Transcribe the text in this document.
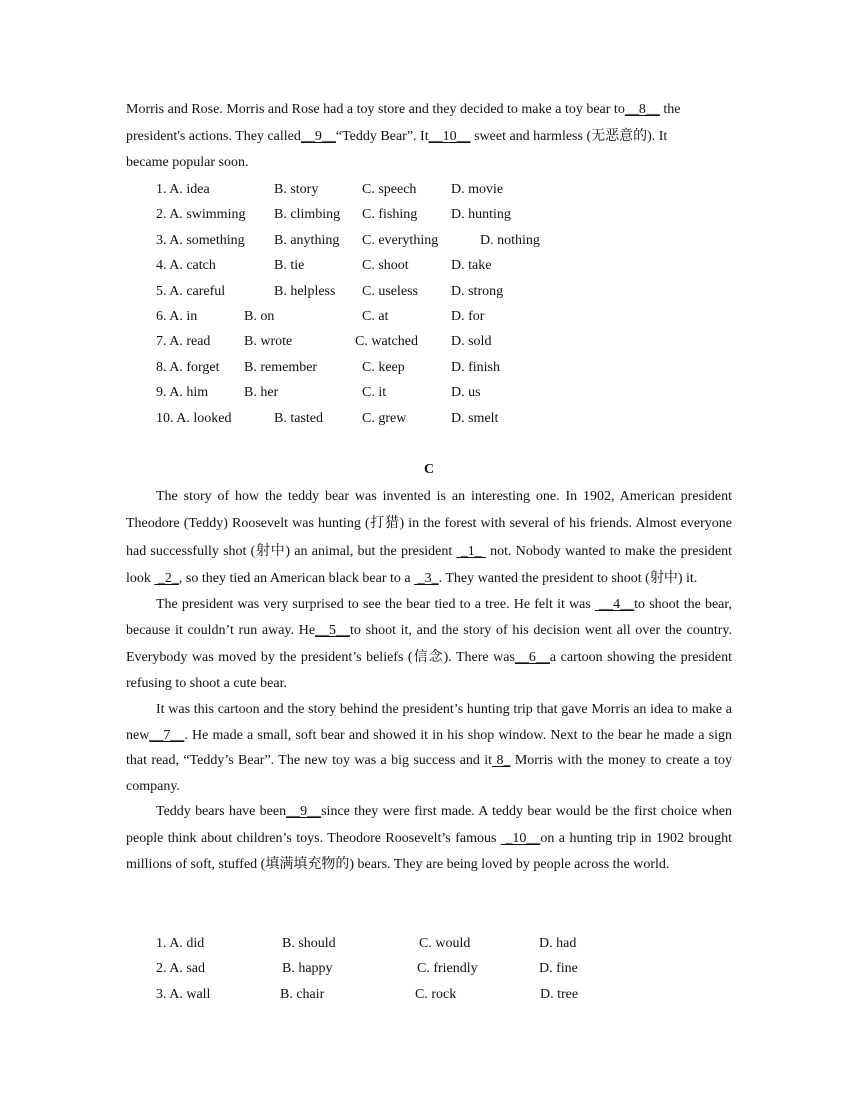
Morris and Rose. Morris and Rose had a toy store and they decided to make a toy bear to__8__ the

president's actions. They called__9__“Teddy Bear”. It__10__ sweet and harmless (无恶意的). It

became popular soon.

1. A. idea	B. story	C. speech D. movie
2. A. swimming B. climbing C. fishing D. hunting
3. A. something B. anything C. everything	D. nothing
4. A. catch	B. tie	C. shoot	D. take
5. A. careful	B. helpless C. useless D. strong
6. A. in	B. on	C. at	D. for
7. A. read B. wrote	C. watched D. sold
8. A. forget B. remember	C. keep	D. finish
9. A. him	B. her	C. it	D. us
10. A. looked	B. tasted	C. grew	D. smelt

C

The story of how the teddy bear was invented is an interesting one. In 1902, American president Theodore (Teddy) Roosevelt was hunting (打猎) in the forest with several of his friends. Almost everyone had successfully shot (射中) an animal, but the president  _1_  not. Nobody wanted to make the president look  _2_, so they tied an American black bear to a  _3_. They wanted the president to shoot (射中) it.

The president was very surprised to see the bear tied to a tree. He felt it was  __4__to shoot the bear, because it couldn’t run away. He__5__to shoot it, and the story of his decision went all over the country. Everybody was moved by the president’s beliefs (信念). There was__6__a cartoon showing the president refusing to shoot a cute bear.

It was this cartoon and the story behind the president’s hunting trip that gave Morris an idea to make a new__7__. He made a small, soft bear and showed it in his shop window. Next to the bear he made a sign that read, “Teddy’s Bear”. The new toy was a big success and it 8_ Morris with the money to create a toy company.

Teddy bears have been__9__since they were first made. A teddy bear would be the first choice when people think about children’s toys. Theodore Roosevelt’s famous  _10__on a hunting trip in 1902 brought millions of soft, stuffed (填满填充物的) bears. They are being loved by people across the world.

1. A. did	B. should	C. would	D. had
2. A. sad	B. happy	C. friendly	D. fine
3. A. wall	B. chair	C. rock	D. tree
